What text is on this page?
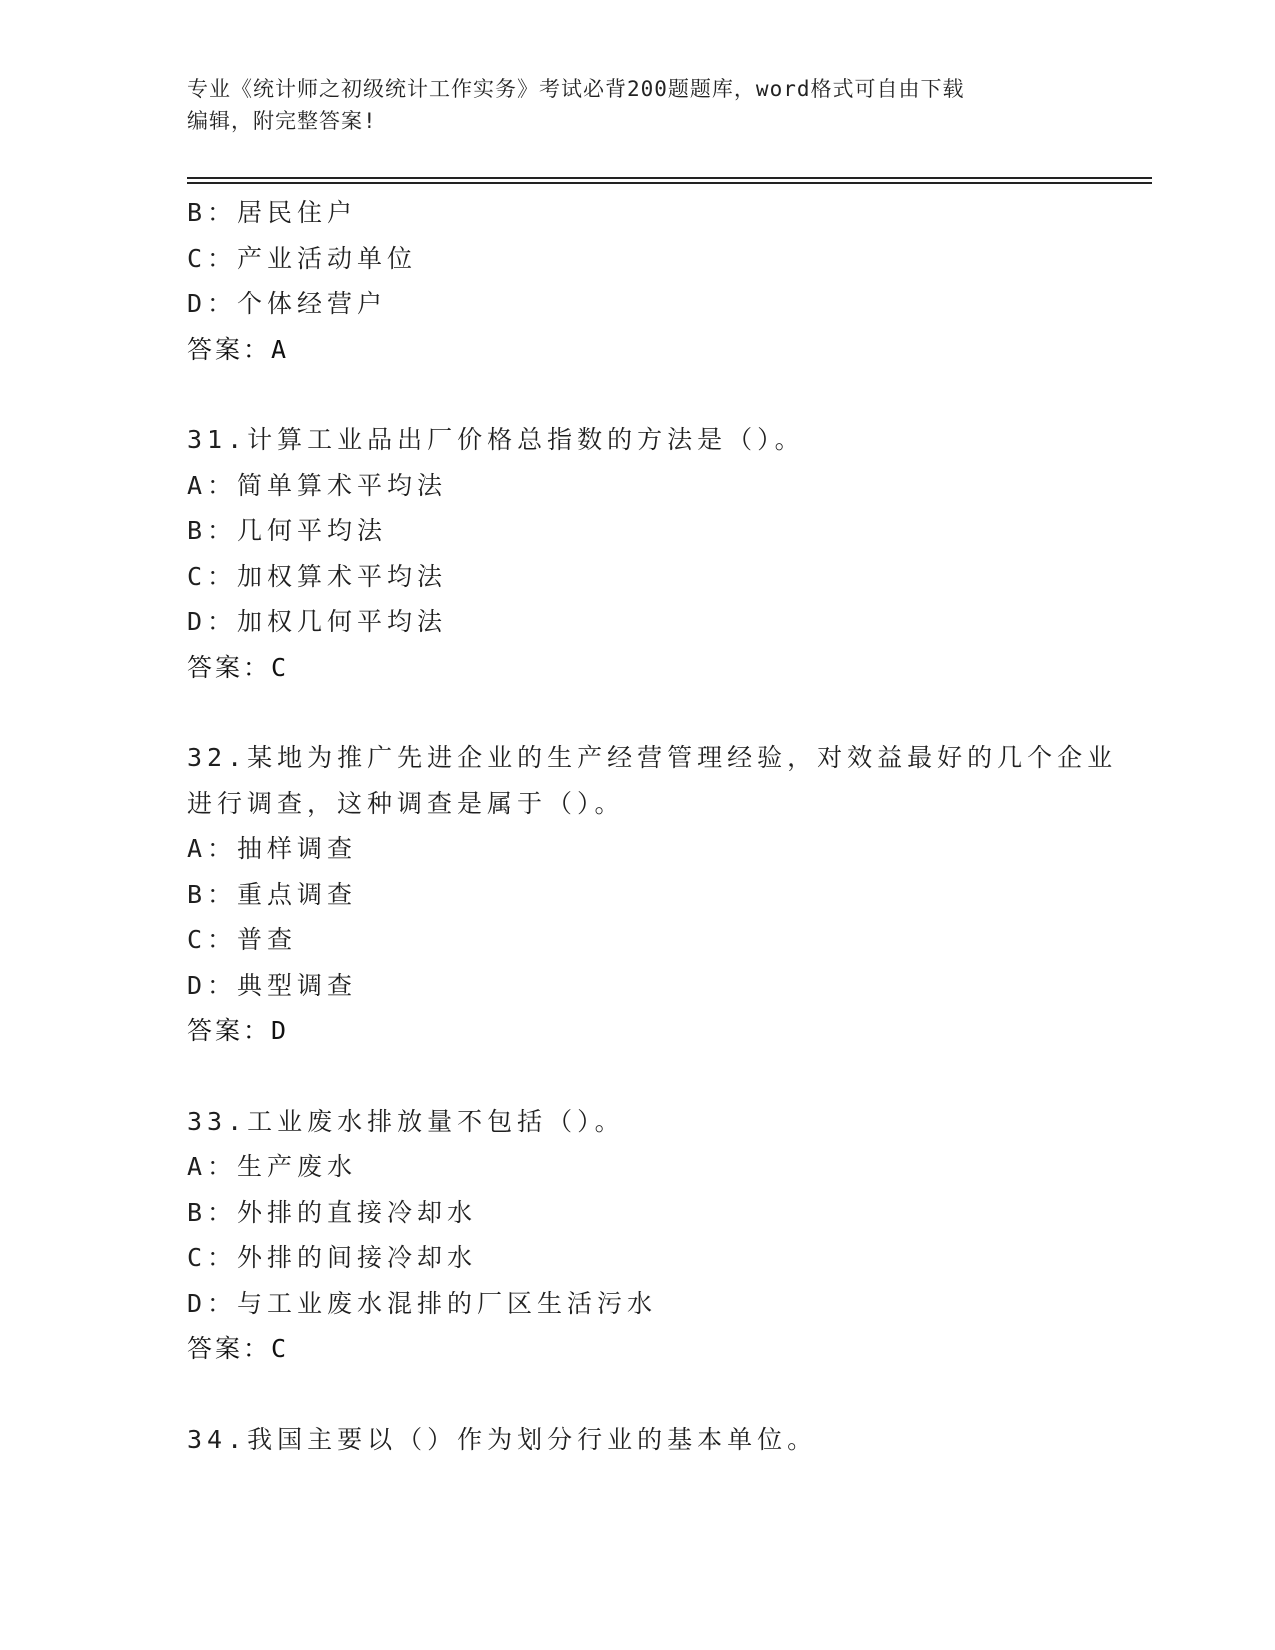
专业《统计师之初级统计工作实务》考试必背200题题库，word格式可自由下载
编辑，附完整答案!
B：居民住户
C：产业活动单位
D：个体经营户
答案：A
31.计算工业品出厂价格总指数的方法是（）。
A：简单算术平均法
B：几何平均法
C：加权算术平均法
D：加权几何平均法
答案：C
32.某地为推广先进企业的生产经营管理经验，对效益最好的几个企业
进行调查，这种调查是属于（）。
A：抽样调查
B：重点调查
C：普查
D：典型调查
答案：D
33.工业废水排放量不包括（）。
A：生产废水
B：外排的直接冷却水
C：外排的间接冷却水
D：与工业废水混排的厂区生活污水
答案：C
34.我国主要以（）作为划分行业的基本单位。
